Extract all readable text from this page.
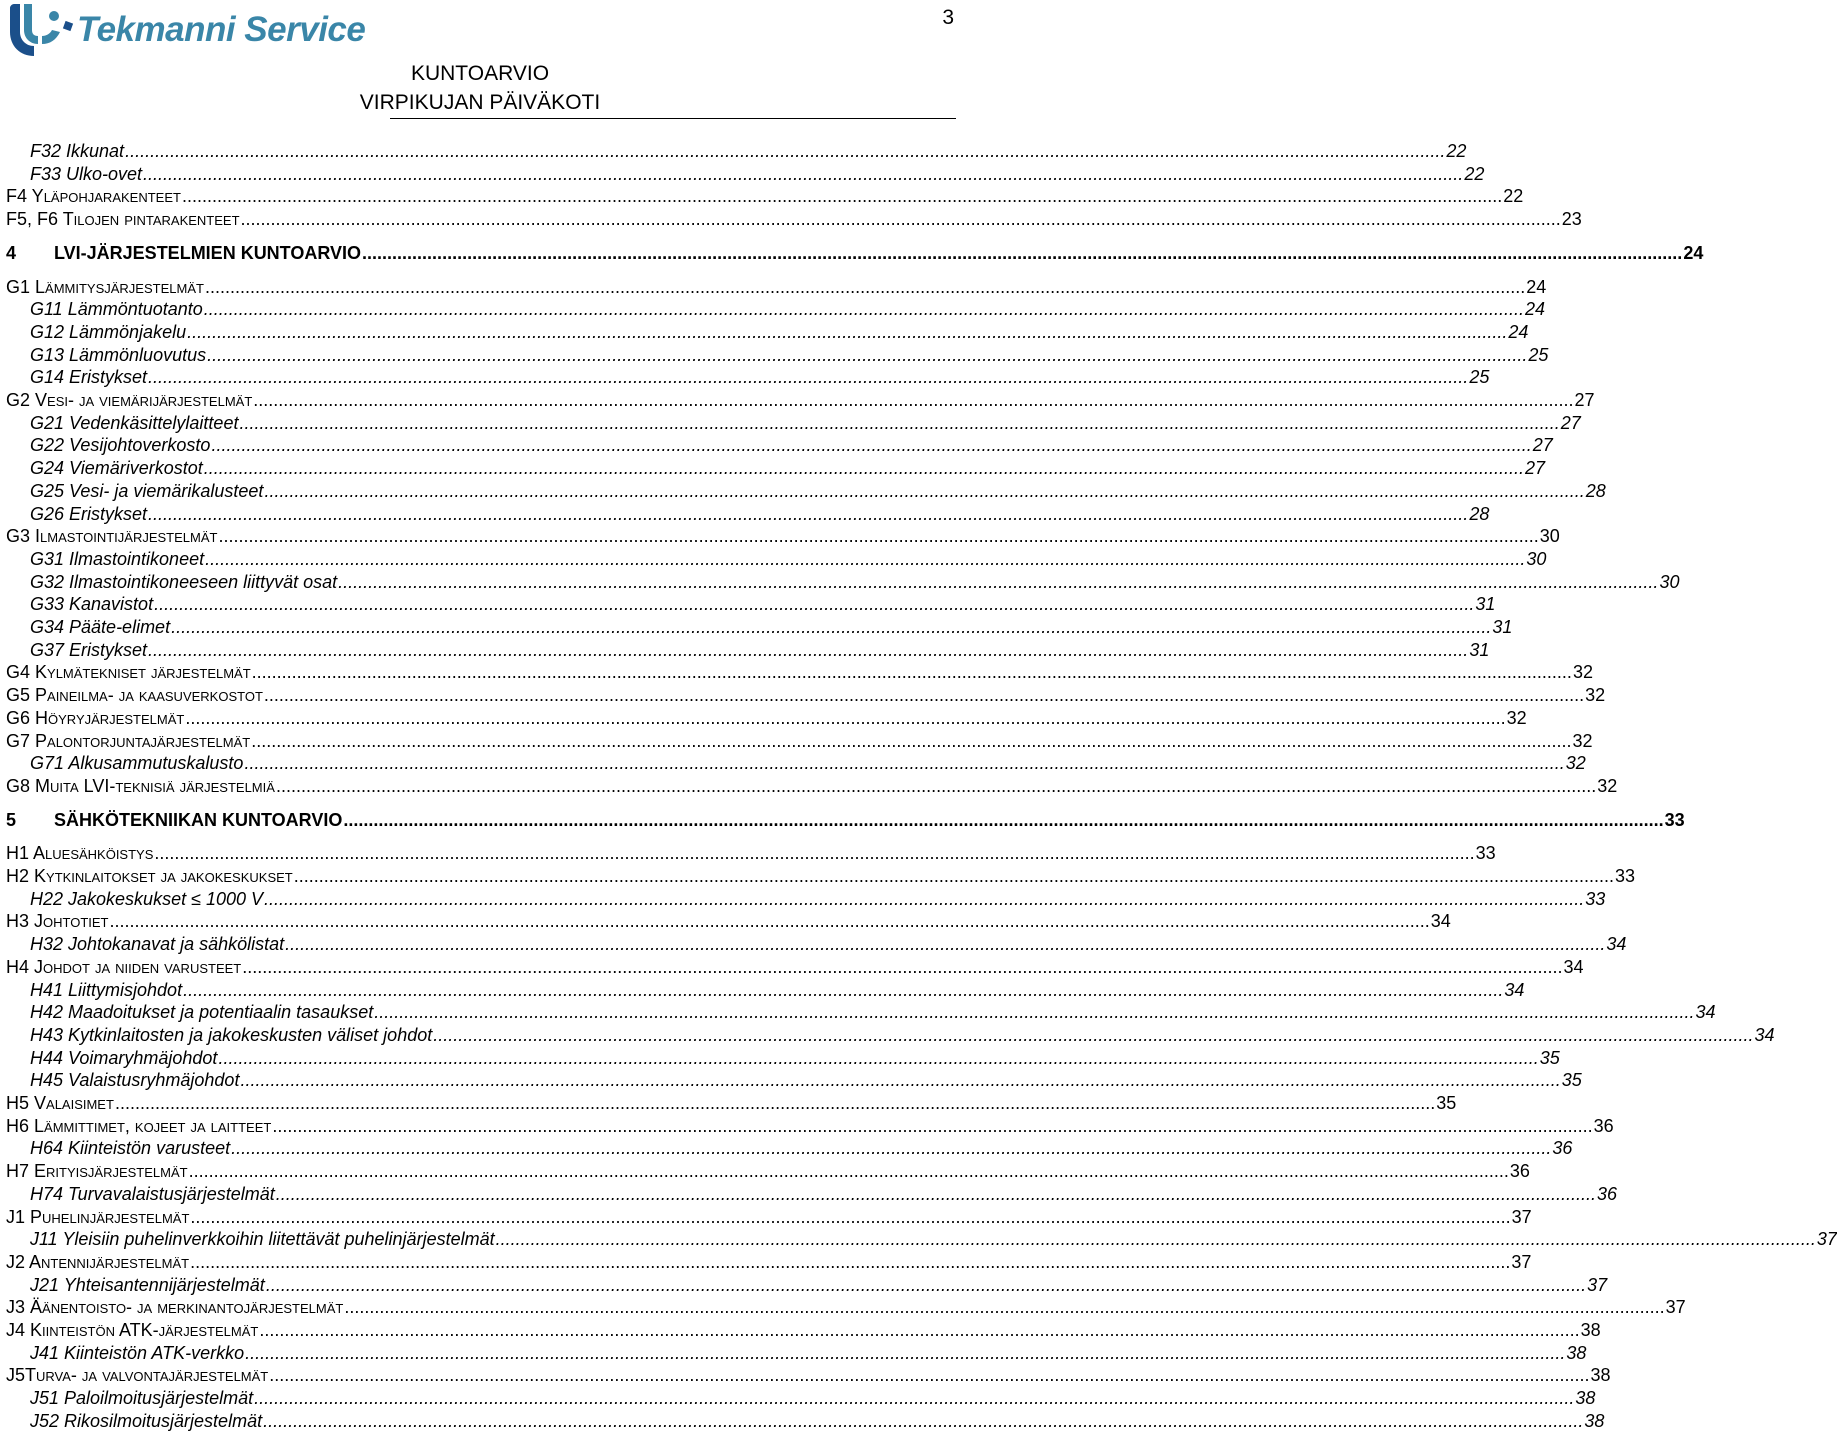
Tekmanni Service	3
KUNTOARVIO
VIRPIKUJAN PÄIVÄKOTI
F32 Ikkunat .....	22
F33 Ulko-ovet .....	22
F4 Yläpohjarakenteet .....	22
F5, F6 Tilojen pintarakenteet .....	23
4 LVI-JÄRJESTELMIEN KUNTOARVIO .....	24
G1 Lämmitysjärjestelmät .....	24
G11 Lämmöntuotanto .....	24
G12 Lämmönjakelu .....	24
G13 Lämmönluovutus .....	25
G14 Eristykset .....	25
G2 Vesi- ja viemärijärjestelmät .....	27
G21 Vedenkäsittelylaitteet .....	27
G22 Vesijohtoverkosto .....	27
G24 Viemäriverkostot .....	27
G25 Vesi- ja viemärikalusteet .....	28
G26 Eristykset .....	28
G3 Ilmastointijärjestelmät .....	30
G31 Ilmastointikoneet .....	30
G32 Ilmastointikoneeseen liittyvät osat .....	30
G33 Kanavistot .....	31
G34 Pääte-elimet .....	31
G37 Eristykset .....	31
G4 Kylmätekniset järjestelmät .....	32
G5 Paineilma- ja kaasuverkostot .....	32
G6 Höyryjärjestelmät .....	32
G7 Palontorjuntajärjestelmät .....	32
G71 Alkusammutuskalusto .....	32
G8 Muita LVI-teknisiä järjestelmiä .....	32
5 SÄHKÖTEKNIIKAN KUNTOARVIO .....	33
H1 Aluesähköistys .....	33
H2 Kytkinlaitokset ja jakokeskukset .....	33
H22 Jakokeskukset ≤ 1000 V .....	33
H3 Johtotiet .....	34
H32 Johtokanavat ja sähkölistat .....	34
H4 Johdot ja niiden varusteet .....	34
H41 Liittymisjohdot .....	34
H42 Maadoitukset ja potentiaalin tasaukset .....	34
H43 Kytkinlaitosten ja jakokeskusten väliset johdot .....	34
H44 Voimaryhmäjohdot .....	35
H45 Valaistusryhmäjohdot .....	35
H5 Valaisimet .....	35
H6 Lämmittimet, kojeet ja laitteet .....	36
H64 Kiinteistön varusteet .....	36
H7 Erityisjärjestelmät .....	36
H74 Turvavalaistusjärjestelmät .....	36
J1 Puhelinjärjestelmät .....	37
J11 Yleisiin puhelinverkkoihin liitettävät puhelinjärjestelmät .....	37
J2 Antennijärjestelmät .....	37
J21 Yhteisantennijärjestelmät .....	37
J3 Äänentoisto- ja merkinantojärjestelmät .....	37
J4 Kiinteistön ATK-järjestelmät .....	38
J41 Kiinteistön ATK-verkko .....	38
J5Turva- ja valvontajärjestelmät .....	38
J51 Paloilmoitusjärjestelmät .....	38
J52 Rikosilmoitusjärjestelmät .....	38
